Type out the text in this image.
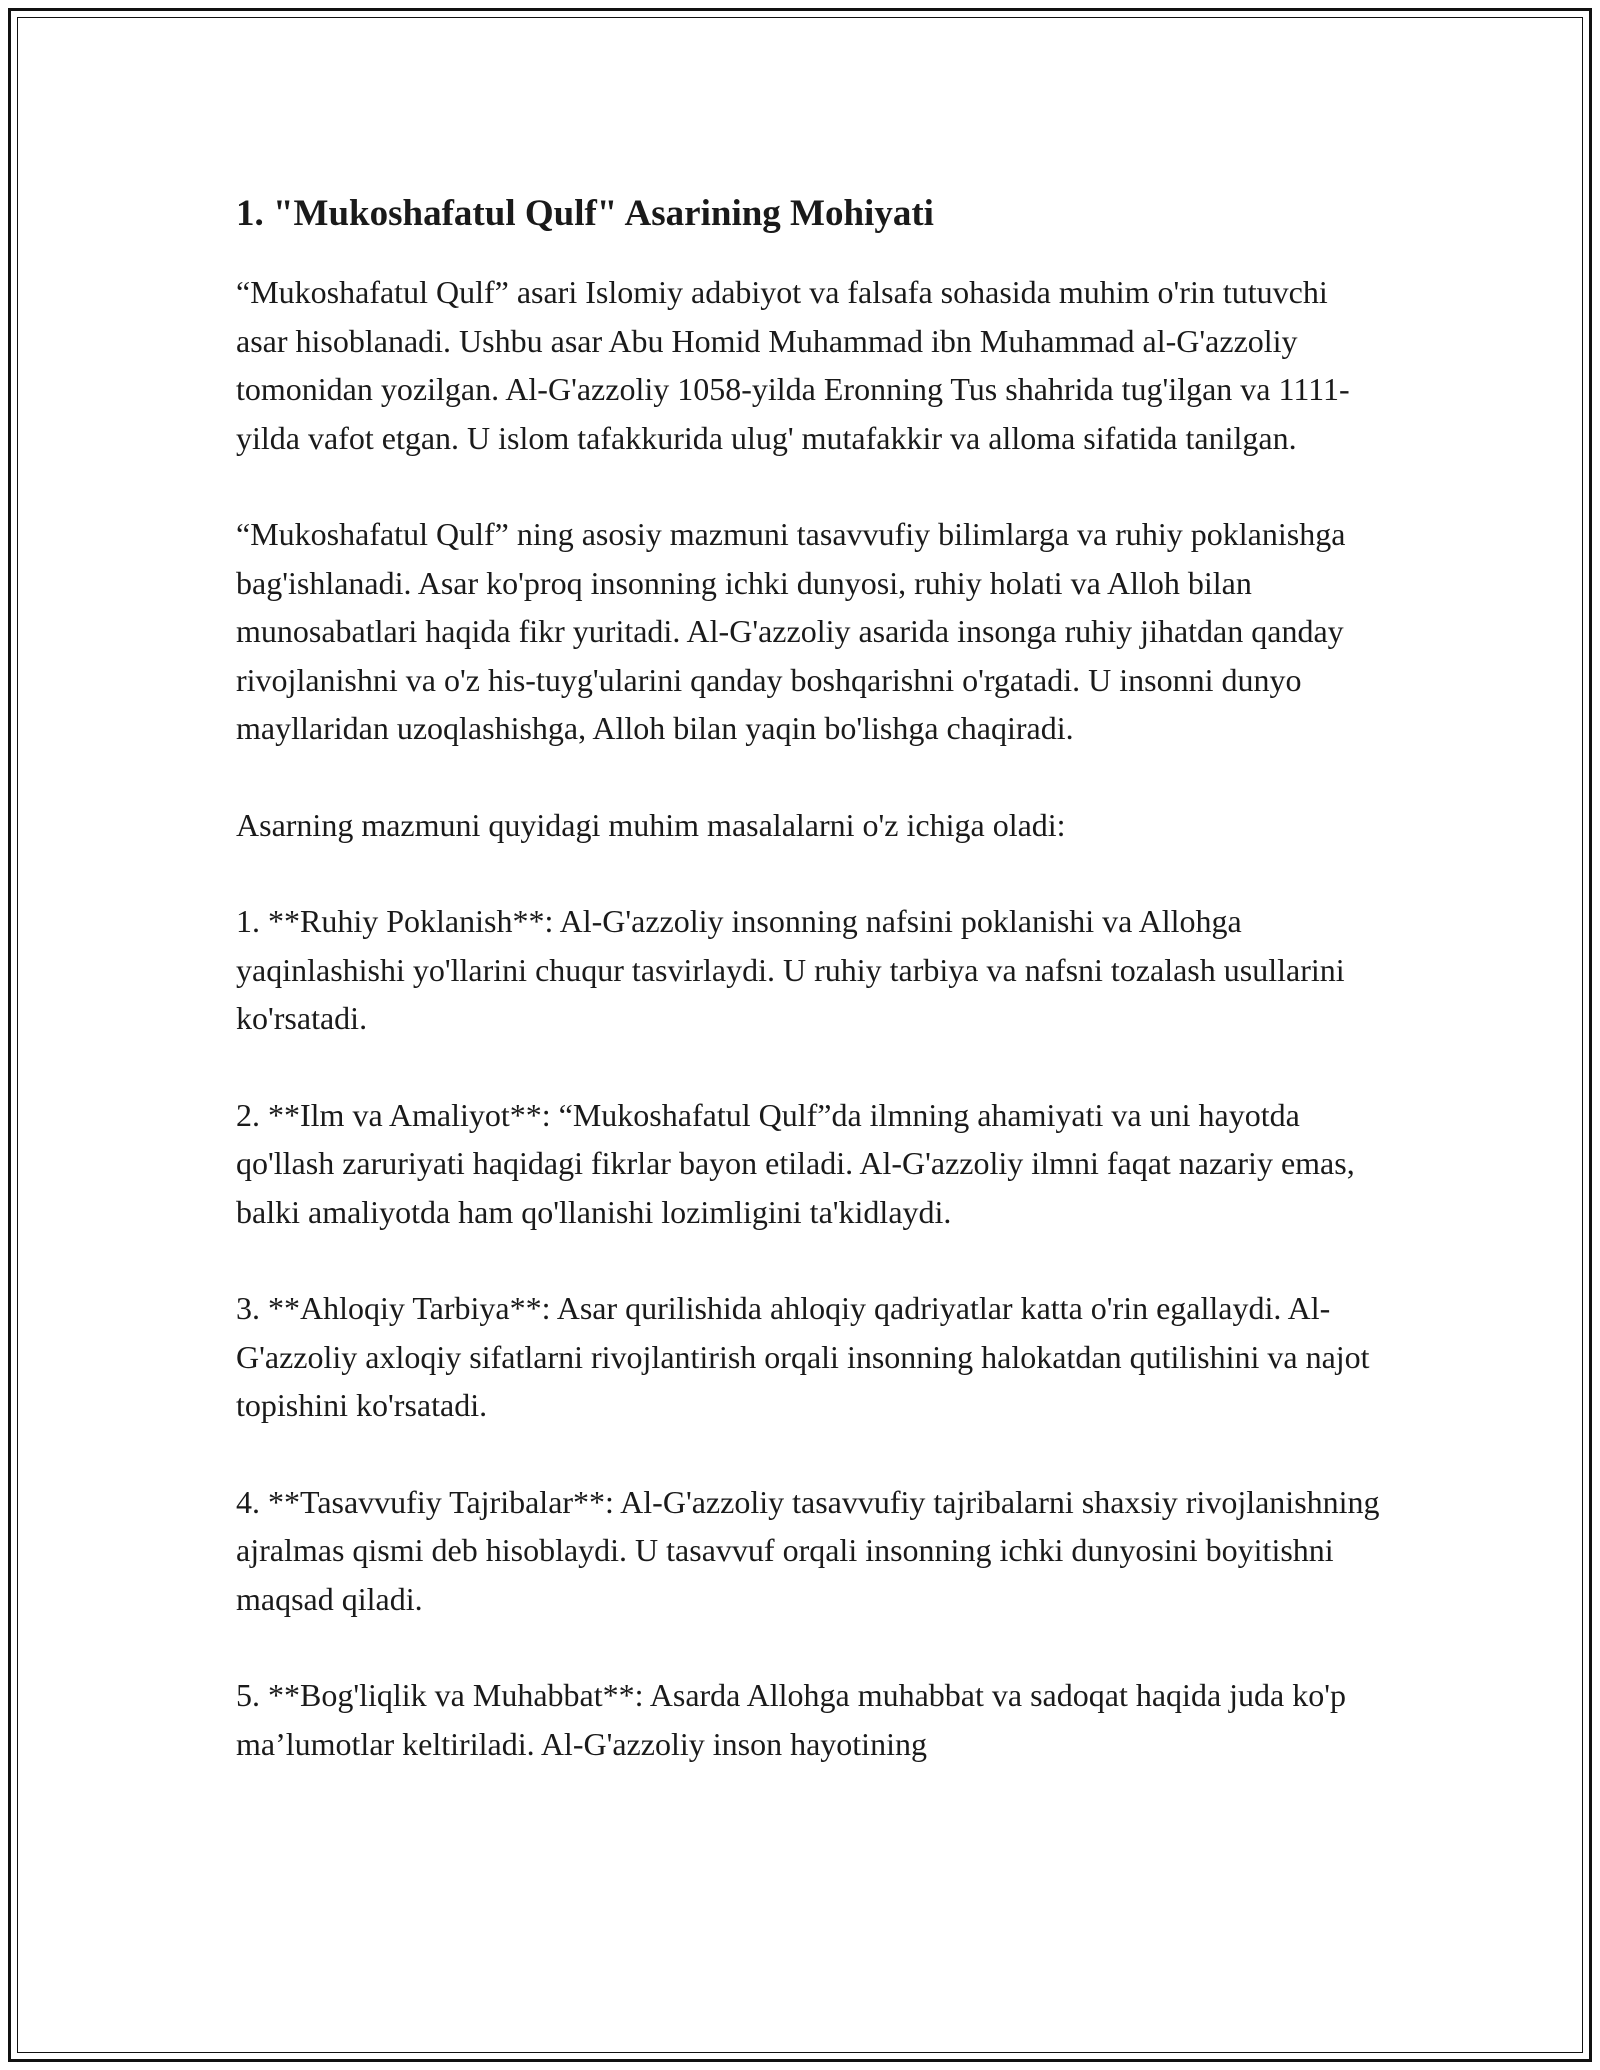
1. "Mukoshafatul Qulf" Asarining Mohiyati

“Mukoshafatul Qulf” asari Islomiy adabiyot va falsafa sohasida muhim o'rin tutuvchi asar hisoblanadi. Ushbu asar Abu Homid Muhammad ibn Muhammad al-G'azzoliy tomonidan yozilgan. Al-G'azzoliy 1058-yilda Eronning Tus shahrida tug'ilgan va 1111-yilda vafot etgan. U islom tafakkurida ulug' mutafakkir va alloma sifatida tanilgan.

“Mukoshafatul Qulf” ning asosiy mazmuni tasavvufiy bilimlarga va ruhiy poklanishga bag'ishlanadi. Asar ko'proq insonning ichki dunyosi, ruhiy holati va Alloh bilan munosabatlari haqida fikr yuritadi. Al-G'azzoliy asarida insonga ruhiy jihatdan qanday rivojlanishni va o'z his-tuyg'ularini qanday boshqarishni o'rgatadi. U insonni dunyo mayllaridan uzoqlashishga, Alloh bilan yaqin bo'lishga chaqiradi.

Asarning mazmuni quyidagi muhim masalalarni o'z ichiga oladi:

1. **Ruhiy Poklanish**: Al-G'azzoliy insonning nafsini poklanishi va Allohga yaqinlashishi yo'llarini chuqur tasvirlaydi. U ruhiy tarbiya va nafsni tozalash usullarini ko'rsatadi.

2. **Ilm va Amaliyot**: “Mukoshafatul Qulf”da ilmning ahamiyati va uni hayotda qo'llash zaruriyati haqidagi fikrlar bayon etiladi. Al-G'azzoliy ilmni faqat nazariy emas, balki amaliyotda ham qo'llanishi lozimligini ta'kidlaydi.

3. **Ahloqiy Tarbiya**: Asar qurilishida ahloqiy qadriyatlar katta o'rin egallaydi. Al-G'azzoliy axloqiy sifatlarni rivojlantirish orqali insonning halokatdan qutilishini va najot topishini ko'rsatadi.

4. **Tasavvufiy Tajribalar**: Al-G'azzoliy tasavvufiy tajribalarni shaxsiy rivojlanishning ajralmas qismi deb hisoblaydi. U tasavvuf orqali insonning ichki dunyosini boyitishni maqsad qiladi.

5. **Bog'liqlik va Muhabbat**: Asarda Allohga muhabbat va sadoqat haqida juda ko'p ma’lumotlar keltiriladi. Al-G'azzoliy inson hayotining
